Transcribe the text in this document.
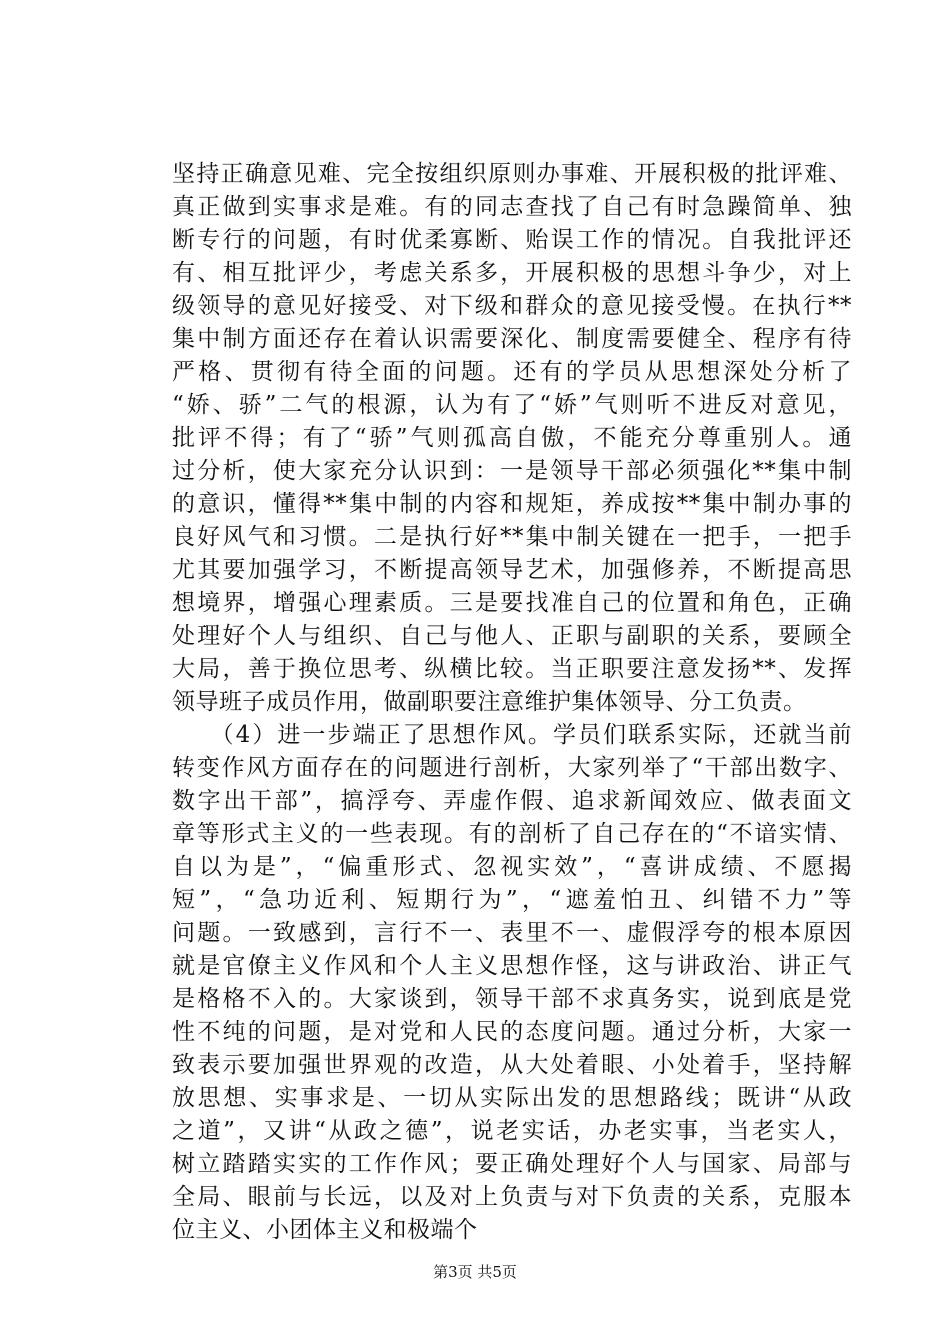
坚持正确意见难、完全按组织原则办事难、开展积极的批评难、
真正做到实事求是难。有的同志查找了自己有时急躁简单、独
断专行的问题，有时优柔寡断、贻误工作的情况。自我批评还
有、相互批评少，考虑关系多，开展积极的思想斗争少，对上
级领导的意见好接受、对下级和群众的意见接受慢。在执行**
集中制方面还存在着认识需要深化、制度需要健全、程序有待
严格、贯彻有待全面的问题。还有的学员从思想深处分析了
“娇、骄”二气的根源，认为有了“娇”气则听不进反对意见，
批评不得；有了“骄”气则孤高自傲，不能充分尊重别人。通
过分析，使大家充分认识到：一是领导干部必须强化**集中制
的意识，懂得**集中制的内容和规矩，养成按**集中制办事的
良好风气和习惯。二是执行好**集中制关键在一把手，一把手
尤其要加强学习，不断提高领导艺术，加强修养，不断提高思
想境界，增强心理素质。三是要找准自己的位置和角色，正确
处理好个人与组织、自己与他人、正职与副职的关系，要顾全
大局，善于换位思考、纵横比较。当正职要注意发扬**、发挥
领导班子成员作用，做副职要注意维护集体领导、分工负责。
　　（4）进一步端正了思想作风。学员们联系实际，还就当前
转变作风方面存在的问题进行剖析，大家列举了“干部出数字、
数字出干部”，搞浮夸、弄虚作假、追求新闻效应、做表面文
章等形式主义的一些表现。有的剖析了自己存在的“不谙实情、
自以为是”，“偏重形式、忽视实效”，“喜讲成绩、不愿揭
短”，“急功近利、短期行为”，“遮羞怕丑、纠错不力”等
问题。一致感到，言行不一、表里不一、虚假浮夸的根本原因
就是官僚主义作风和个人主义思想作怪，这与讲政治、讲正气
是格格不入的。大家谈到，领导干部不求真务实，说到底是党
性不纯的问题，是对党和人民的态度问题。通过分析，大家一
致表示要加强世界观的改造，从大处着眼、小处着手，坚持解
放思想、实事求是、一切从实际出发的思想路线；既讲“从政
之道”，又讲“从政之德”，说老实话，办老实事，当老实人，
树立踏踏实实的工作作风；要正确处理好个人与国家、局部与
全局、眼前与长远，以及对上负责与对下负责的关系，克服本
位主义、小团体主义和极端个
第3页 共5页
